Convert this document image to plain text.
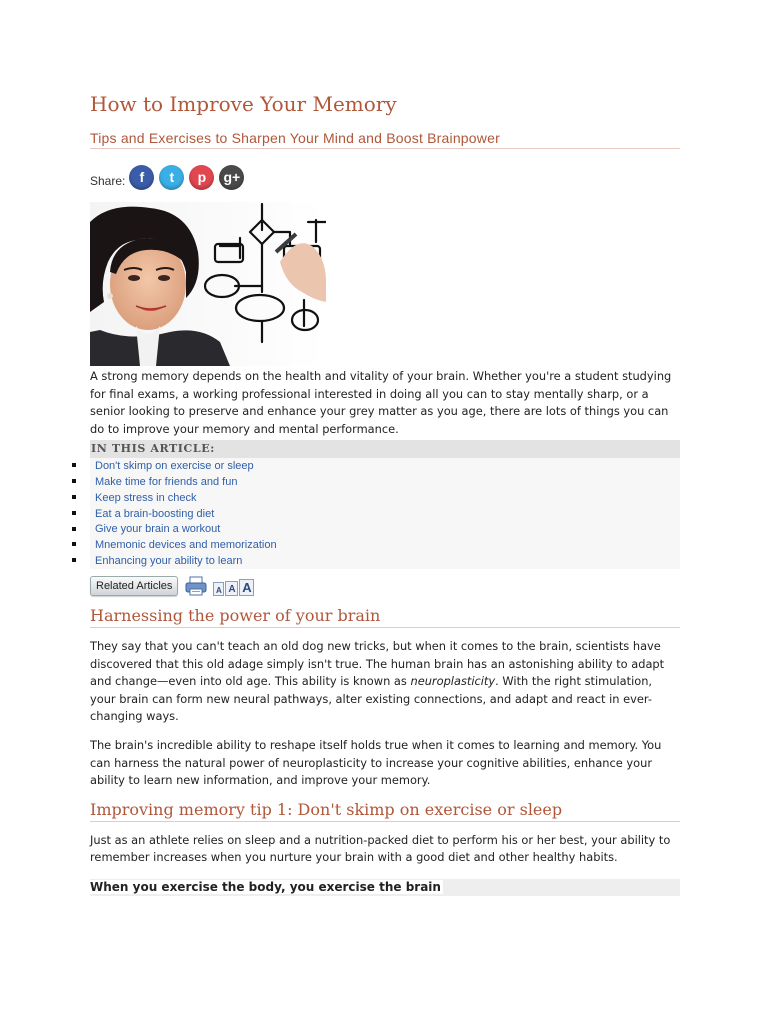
How to Improve Your Memory
Tips and Exercises to Sharpen Your Mind and Boost Brainpower
Share:	f	t	p	g+

A strong memory depends on the health and vitality of your brain. Whether you're a student studying for final exams, a working professional interested in doing all you can to stay mentally sharp, or a senior looking to preserve and enhance your grey matter as you age, there are lots of things you can do to improve your memory and mental performance.

IN THIS ARTICLE:
Don't skimp on exercise or sleep
Make time for friends and fun
Keep stress in check
Eat a brain-boosting diet
Give your brain a workout
Mnemonic devices and memorization
Enhancing your ability to learn
Related Articles	A A A
Harnessing the power of your brain

They say that you can't teach an old dog new tricks, but when it comes to the brain, scientists have discovered that this old adage simply isn't true. The human brain has an astonishing ability to adapt and change—even into old age. This ability is known as neuroplasticity. With the right stimulation, your brain can form new neural pathways, alter existing connections, and adapt and react in ever-changing ways.

The brain's incredible ability to reshape itself holds true when it comes to learning and memory. You can harness the natural power of neuroplasticity to increase your cognitive abilities, enhance your ability to learn new information, and improve your memory.

Improving memory tip 1: Don't skimp on exercise or sleep

Just as an athlete relies on sleep and a nutrition-packed diet to perform his or her best, your ability to remember increases when you nurture your brain with a good diet and other healthy habits.

When you exercise the body, you exercise the brain
